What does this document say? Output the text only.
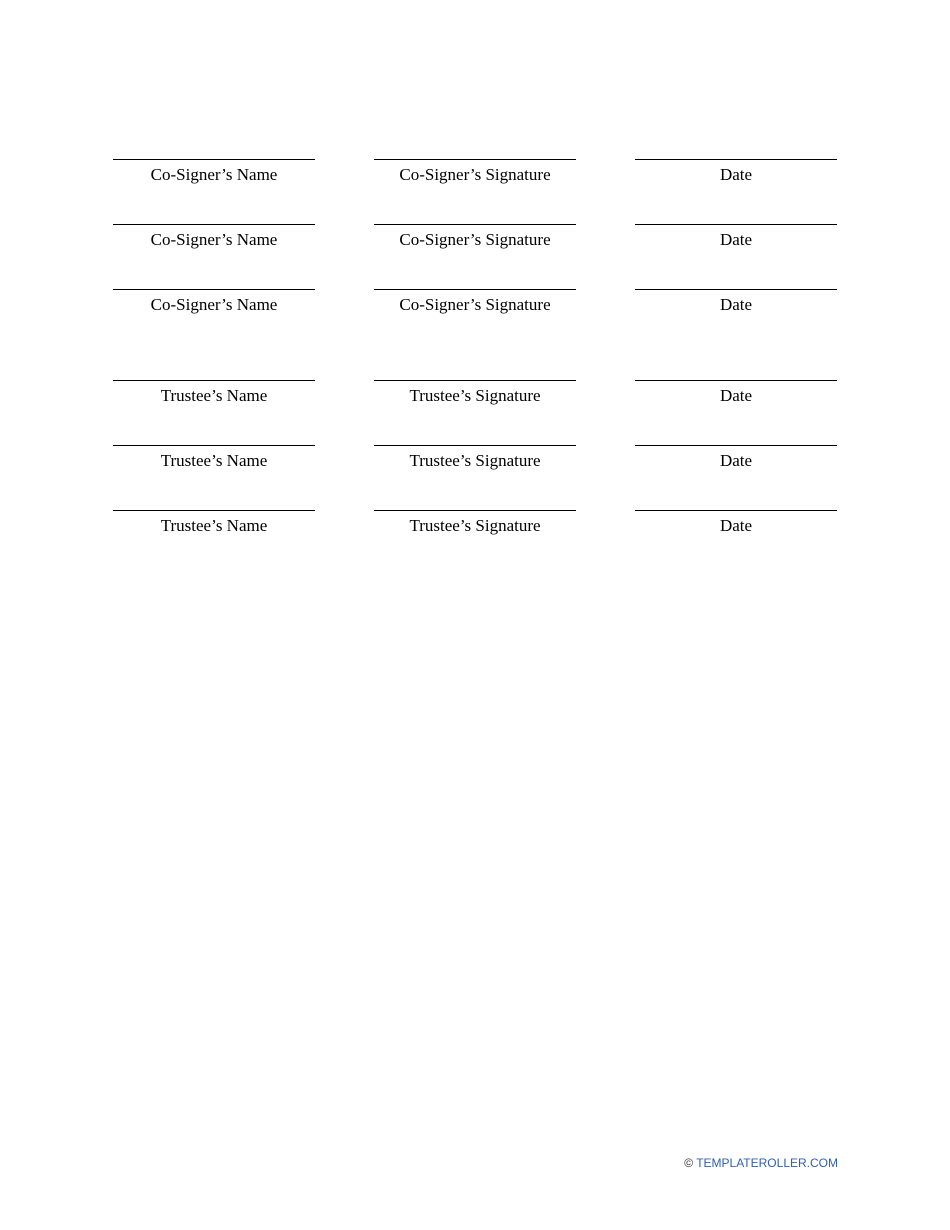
Co-Signer’s Name	Co-Signer’s Signature	Date
Co-Signer’s Name	Co-Signer’s Signature	Date
Co-Signer’s Name	Co-Signer’s Signature	Date
Trustee’s Name	Trustee’s Signature	Date
Trustee’s Name	Trustee’s Signature	Date
Trustee’s Name	Trustee’s Signature	Date
© TEMPLATEROLLER.COM
